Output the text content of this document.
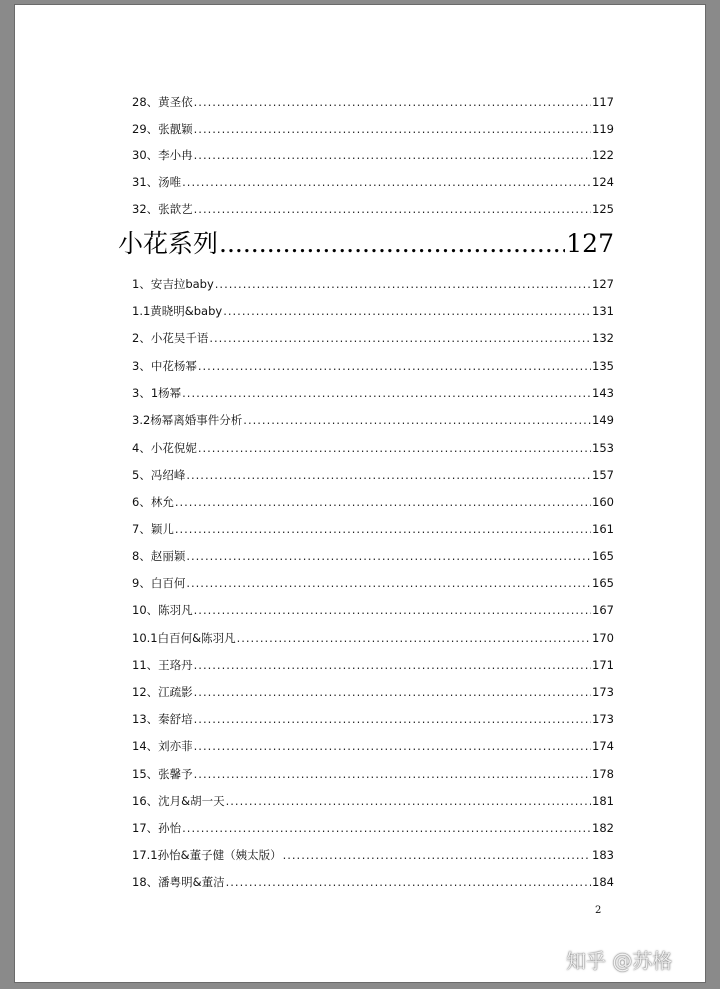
28、黄圣依 .....	117
29、张靓颖 .....	119
30、李小冉 .....	122
31、汤唯 .....	124
32、张歆艺 .....	125
小花系列 .....	127
1、安吉拉baby .....	127
1.1黄晓明&baby .....	131
2、小花吴千语 .....	132
3、中花杨幂 .....	135
3、1杨幂 .....	143
3.2杨幂离婚事件分析 .....	149
4、小花倪妮 .....	153
5、冯绍峰 .....	157
6、林允 .....	160
7、颖儿 .....	161
8、赵丽颖 .....	165
9、白百何 .....	165
10、陈羽凡 .....	167
10.1白百何&陈羽凡 .....	170
11、王珞丹 .....	171
12、江疏影 .....	173
13、秦舒培 .....	173
14、刘亦菲 .....	174
15、张馨予 .....	178
16、沈月&胡一天 .....	181
17、孙怡 .....	182
17.1孙怡&董子健（姨太版） .....	183
18、潘粤明&董洁 .....	184
2
知乎 @苏格
